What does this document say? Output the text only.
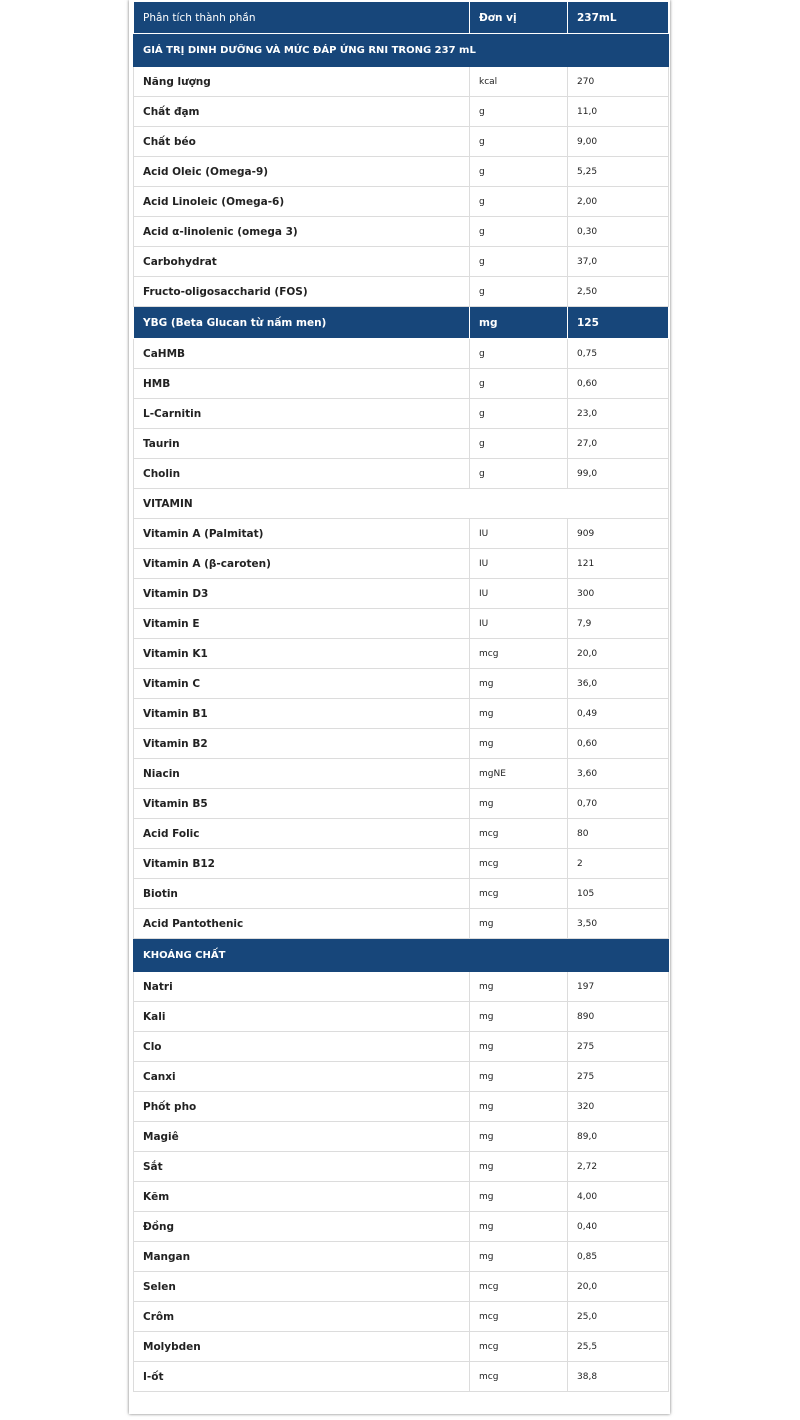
Phân tích thành phần	Đơn vị	237mL
GIÁ TRỊ DINH DƯỠNG VÀ MỨC ĐÁP ỨNG RNI TRONG 237 mL		
Năng lượng	kcal	270
Chất đạm	g	11,0
Chất béo	g	9,00
Acid Oleic (Omega-9)	g	5,25
Acid Linoleic (Omega-6)	g	2,00
Acid α-linolenic (omega 3)	g	0,30
Carbohydrat	g	37,0
Fructo-oligosaccharid (FOS)	g	2,50
YBG (Beta Glucan từ nấm men)	mg	125
CaHMB	g	0,75
HMB	g	0,60
L-Carnitin	g	23,0
Taurin	g	27,0
Cholin	g	99,0
VITAMIN		
Vitamin A (Palmitat)	IU	909
Vitamin A (β-caroten)	IU	121
Vitamin D3	IU	300
Vitamin E	IU	7,9
Vitamin K1	mcg	20,0
Vitamin C	mg	36,0
Vitamin B1	mg	0,49
Vitamin B2	mg	0,60
Niacin	mgNE	3,60
Vitamin B5	mg	0,70
Acid Folic	mcg	80
Vitamin B12	mcg	2
Biotin	mcg	105
Acid Pantothenic	mg	3,50
KHOÁNG CHẤT		
Natri	mg	197
Kali	mg	890
Clo	mg	275
Canxi	mg	275
Phốt pho	mg	320
Magiê	mg	89,0
Sắt	mg	2,72
Kẽm	mg	4,00
Đồng	mg	0,40
Mangan	mg	0,85
Selen	mcg	20,0
Crôm	mcg	25,0
Molybden	mcg	25,5
I-ốt	mcg	38,8
